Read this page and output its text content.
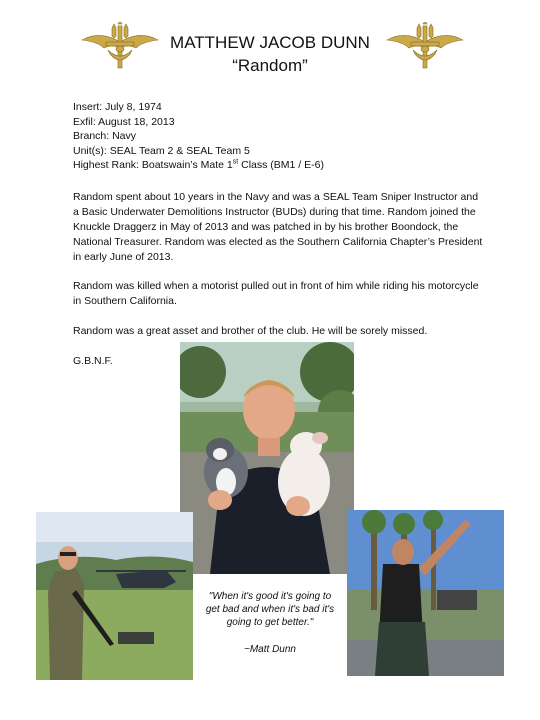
MATTHEW JACOB DUNN
“Random”
Insert: July 8, 1974
Exfil: August 18, 2013
Branch: Navy
Unit(s): SEAL Team 2 & SEAL Team 5
Highest Rank: Boatswain’s Mate 1st Class (BM1 / E-6)
Random spent about 10 years in the Navy and was a SEAL Team Sniper Instructor and a Basic Underwater Demolitions Instructor (BUDs) during that time. Random joined the Knuckle Draggerz in May of 2013 and was patched in by his brother Boondock, the National Treasurer. Random was elected as the Southern California Chapter’s President in early June of 2013.
Random was killed when a motorist pulled out in front of him while riding his motorcycle in Southern California.
Random was a great asset and brother of the club. He will be sorely missed.
G.B.N.F.
"When it's good it's going to get bad and when it's bad it's going to get better."
~Matt Dunn
